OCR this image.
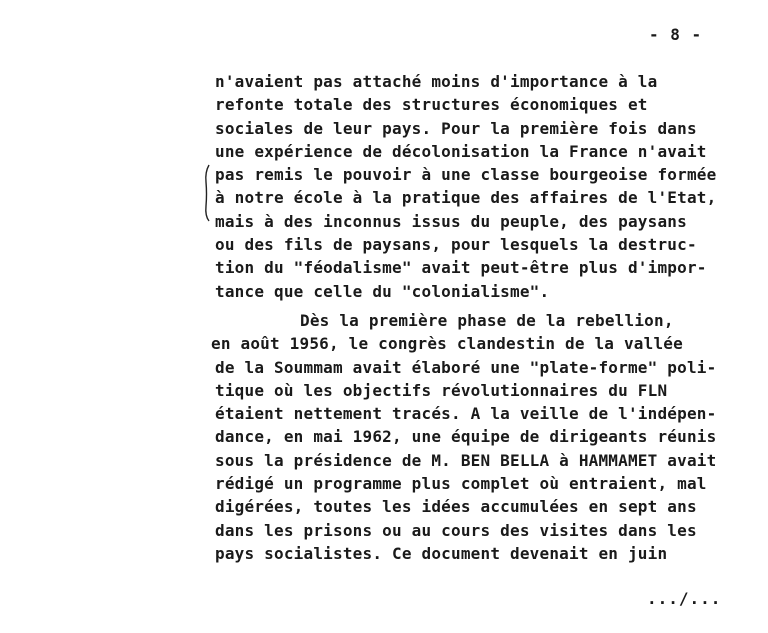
- 8 -
n'avaient pas attaché moins d'importance à la
refonte totale des structures économiques et
sociales de leur pays. Pour la première fois dans
une expérience de décolonisation la France n'avait
pas remis le pouvoir à une classe bourgeoise formée
à notre école à la pratique des affaires de l'Etat,
mais à des inconnus issus du peuple, des paysans
ou des fils de paysans, pour lesquels la destruc-
tion du "féodalisme" avait peut-être plus d'impor-
tance que celle du "colonialisme".
Dès la première phase de la rebellion,
en août 1956, le congrès clandestin de la vallée
de la Soummam avait élaboré une "plate-forme" poli-
tique où les objectifs révolutionnaires du FLN
étaient nettement tracés. A la veille de l'indépen-
dance, en mai 1962, une équipe de dirigeants réunis
sous la présidence de M. BEN BELLA à HAMMAMET avait
rédigé un programme plus complet où entraient, mal
digérées, toutes les idées accumulées en sept ans
dans les prisons ou au cours des visites dans les
pays socialistes. Ce document devenait en juin
.../...
